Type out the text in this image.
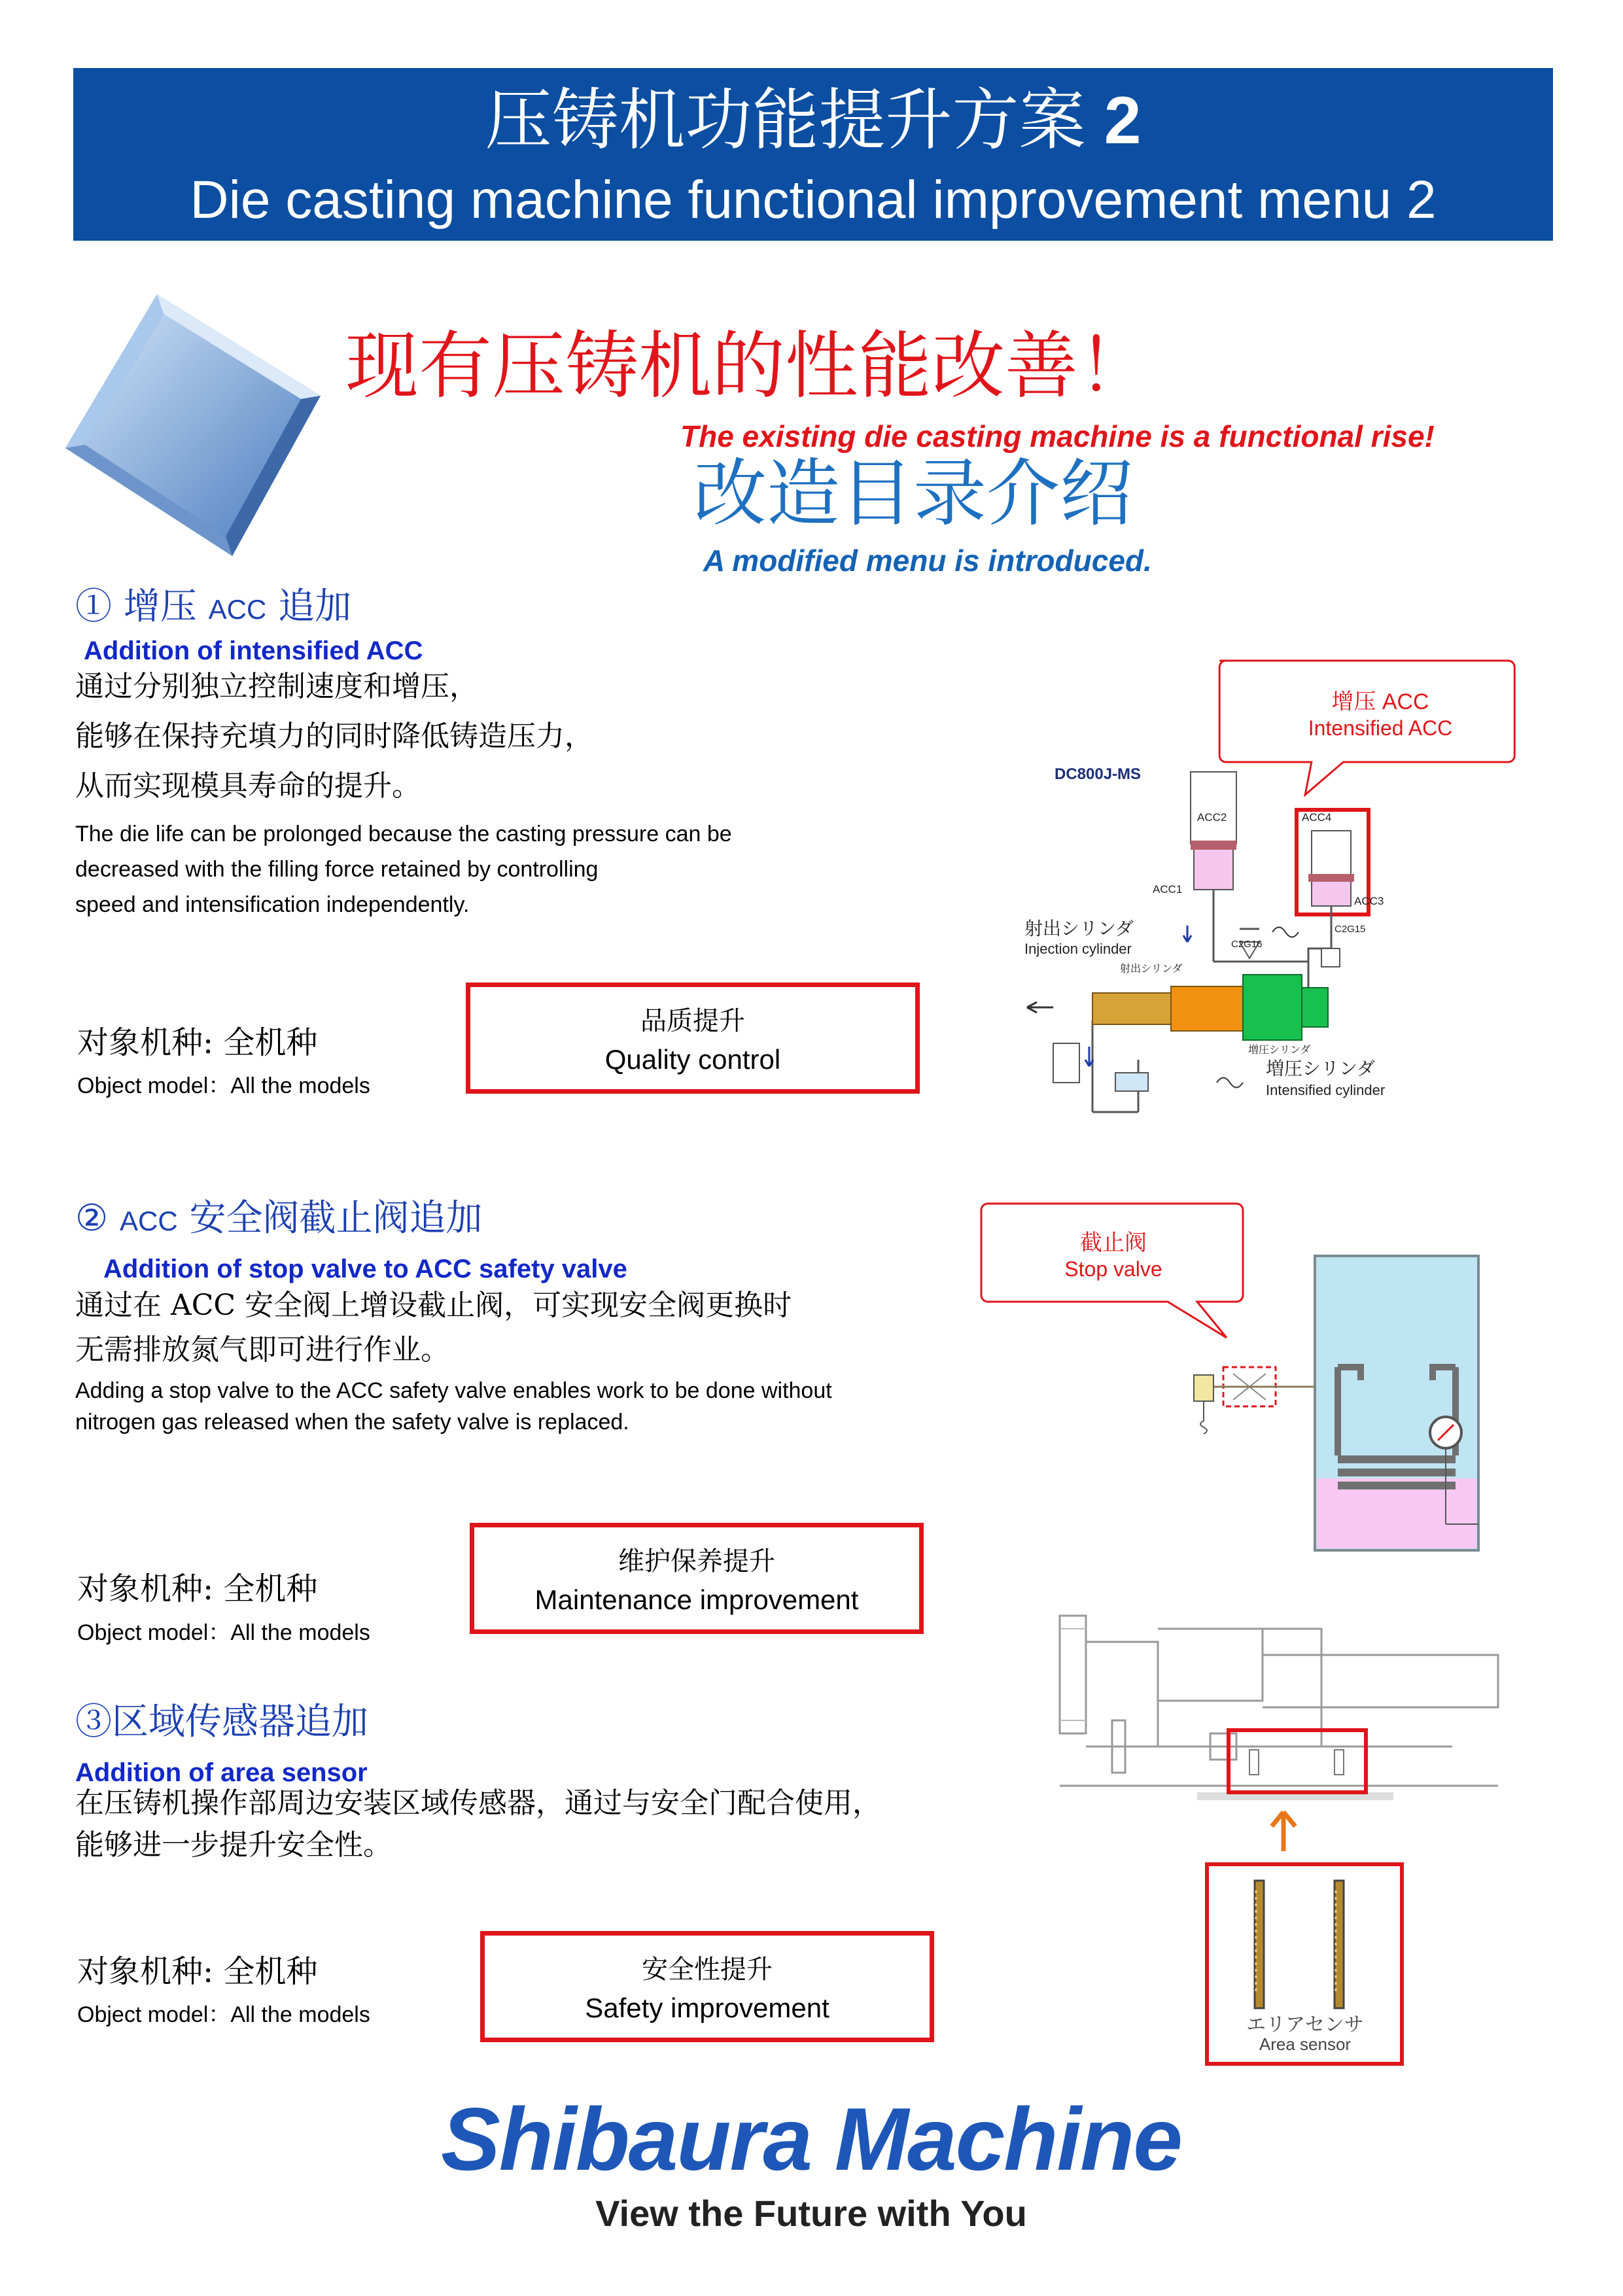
压铸机功能提升方案 2
Die casting machine functional improvement menu 2
现有压铸机的性能改善！
The existing die casting machine is a functional rise!
改造目录介绍
A modified menu is introduced.
① 增压 ACC 追加
Addition of intensified ACC
通过分别独立控制速度和增压，
能够在保持充填力的同时降低铸造压力，
从而实现模具寿命的提升。
The die life can be prolonged because the casting pressure can be
decreased with the filling force retained by controlling
speed and intensification independently.
对象机种: 全机种
Object model：All the models
品质提升
Quality control
增压 ACC
Intensified ACC
DC800J-MS
ACC2
ACC1
ACC4
ACC3
C2G16
C2G15
射出シリンダ
Injection cylinder
射出シリンダ
増圧シリンダ
増圧シリンダ
Intensified cylinder
② ACC 安全阀截止阀追加
Addition of stop valve to ACC safety valve
通过在 ACC 安全阀上增设截止阀，可实现安全阀更换时
无需排放氮气即可进行作业。
Adding a stop valve to the ACC safety valve enables work to be done without
nitrogen gas released when the safety valve is replaced.
对象机种: 全机种
Object model：All the models
维护保养提升
Maintenance improvement
截止阀
Stop valve
③区域传感器追加
Addition of area sensor
在压铸机操作部周边安装区域传感器，通过与安全门配合使用，
能够进一步提升安全性。
对象机种: 全机种
Object model：All the models
安全性提升
Safety improvement
エリアセンサ
Area sensor
Shibaura Machine
View the Future with You
